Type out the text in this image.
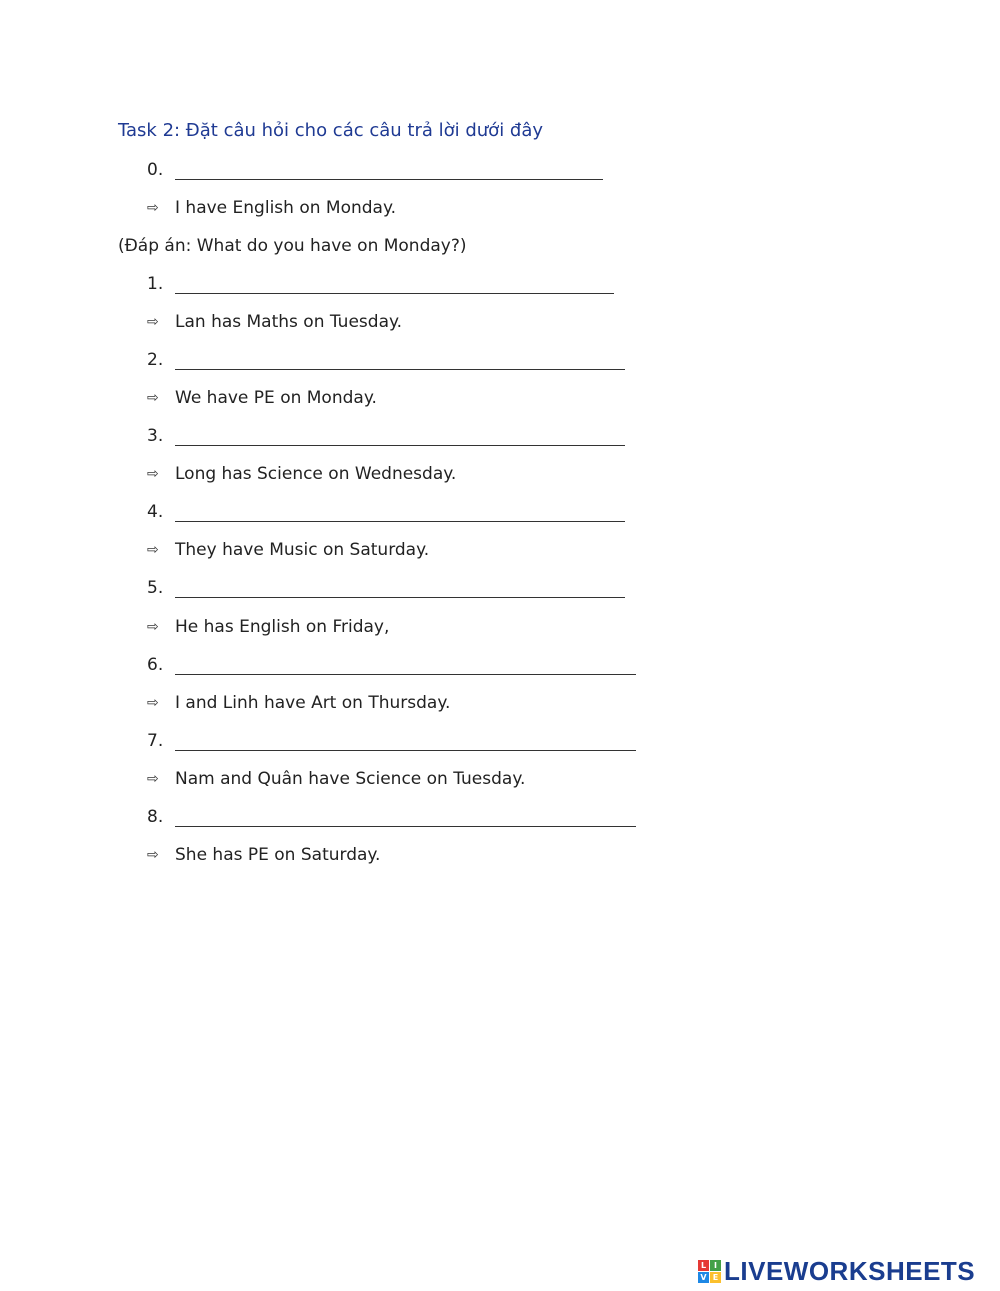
Task 2: Đặt câu hỏi cho các câu trả lời dưới đây
0.
⇨ I have English on Monday.
(Đáp án: What do you have on Monday?)
1.
⇨ Lan has Maths on Tuesday.
2.
⇨ We have PE on Monday.
3.
⇨ Long has Science on Wednesday.
4.
⇨ They have Music on Saturday.
5.
⇨ He has English on Friday,
6.
⇨ I and Linh have Art on Thursday.
7.
⇨ Nam and Quân have Science on Tuesday.
8.
⇨ She has PE on Saturday.
L I
V E LIVEWORKSHEETS
